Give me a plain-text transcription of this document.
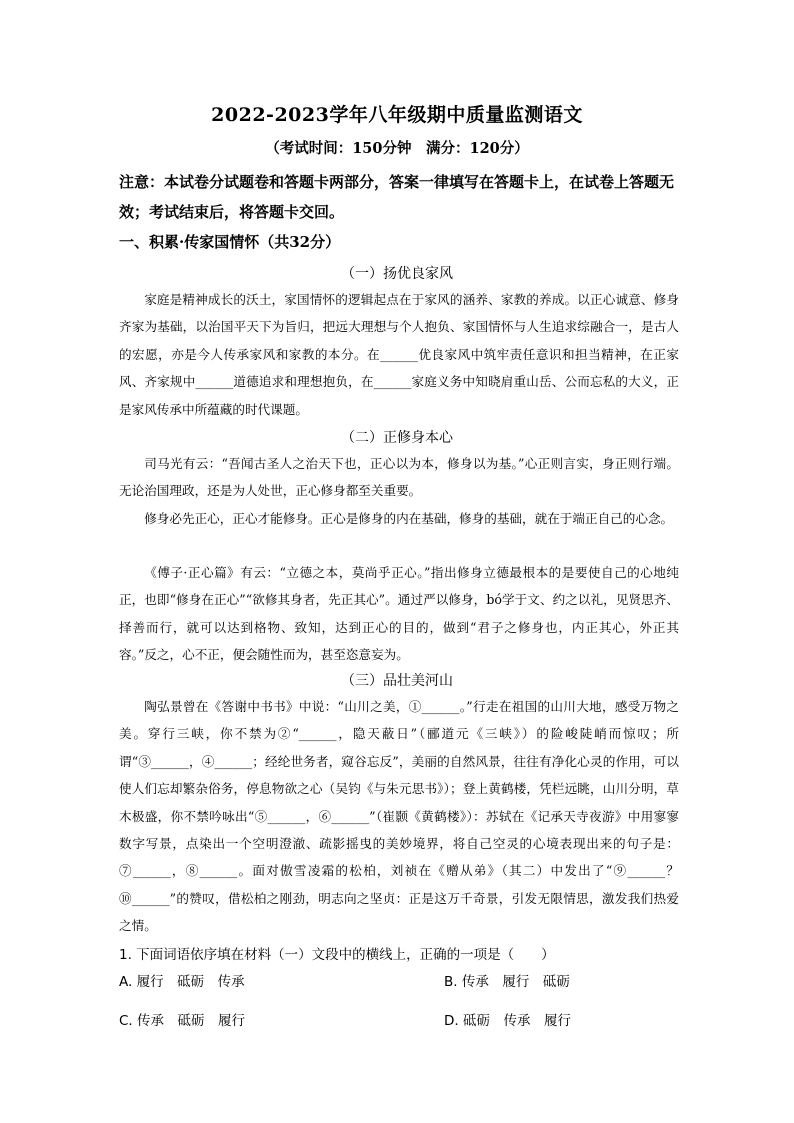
2022-2023学年八年级期中质量监测语文
（考试时间：150分钟　满分：120分）
注意：本试卷分试题卷和答题卡两部分，答案一律填写在答题卡上，在试卷上答题无效；考试结束后，将答题卡交回。
一、积累·传家国情怀（共32分）
（一）扬优良家风

家庭是精神成长的沃土，家国情怀的逻辑起点在于家风的涵养、家教的养成。以正心诚意、修身齐家为基础，以治国平天下为旨归，把远大理想与个人抱负、家国情怀与人生追求综融合一，是古人的宏愿，亦是今人传承家风和家教的本分。在______优良家风中筑牢责任意识和担当精神，在正家风、齐家规中______道德追求和理想抱负，在______家庭义务中知晓肩重山岳、公而忘私的大义，正是家风传承中所蕴藏的时代课题。

（二）正修身本心

司马光有云：“吾闻古圣人之治天下也，正心以为本，修身以为基。”心正则言实，身正则行端。无论治国理政，还是为人处世，正心修身都至关重要。

修身必先正心，正心才能修身。正心是修身的内在基础，修身的基础，就在于端正自己的心念。

《傅子·正心篇》有云：“立德之本，莫尚乎正心。”指出修身立德最根本的是要使自己的心地纯正，也即“修身在正心”“欲修其身者，先正其心”。通过严以修身，bó学于文、约之以礼，见贤思齐、择善而行，就可以达到格物、致知，达到正心的目的，做到“君子之修身也，内正其心，外正其容。”反之，心不正，便会随性而为，甚至恣意妄为。

（三）品壮美河山

陶弘景曾在《答谢中书书》中说：“山川之美，①______。”行走在祖国的山川大地，感受万物之美。穿行三峡，你不禁为②“______，隐天蔽日”（郦道元《三峡》）的险峻陡峭而惊叹；所谓“③______，④______；经纶世务者，窥谷忘反”，美丽的自然风景，往往有净化心灵的作用，可以使人们忘却繁杂俗务，停息物欲之心（吴钧《与朱元思书》）；登上黄鹤楼，凭栏远眺，山川分明，草木极盛，你不禁吟咏出“⑤______，⑥______”（崔颢《黄鹤楼》）：苏轼在《记承天寺夜游》中用寥寥数字写景，点染出一个空明澄澈、疏影摇曳的美妙境界，将自己空灵的心境表现出来的句子是：⑦______，⑧______。面对傲雪凌霜的松柏，刘祯在《赠从弟》（其二）中发出了“⑨______？⑩______”的赞叹，借松柏之刚劲，明志向之坚贞：正是这万千奇景，引发无限情思，激发我们热爱之情。

1. 下面词语依序填在材料（一）文段中的横线上，正确的一项是（　　）
A. 履行　砥砺　传承	B. 传承　履行　砥砺
C. 传承　砥砺　履行	D. 砥砺　传承　履行
